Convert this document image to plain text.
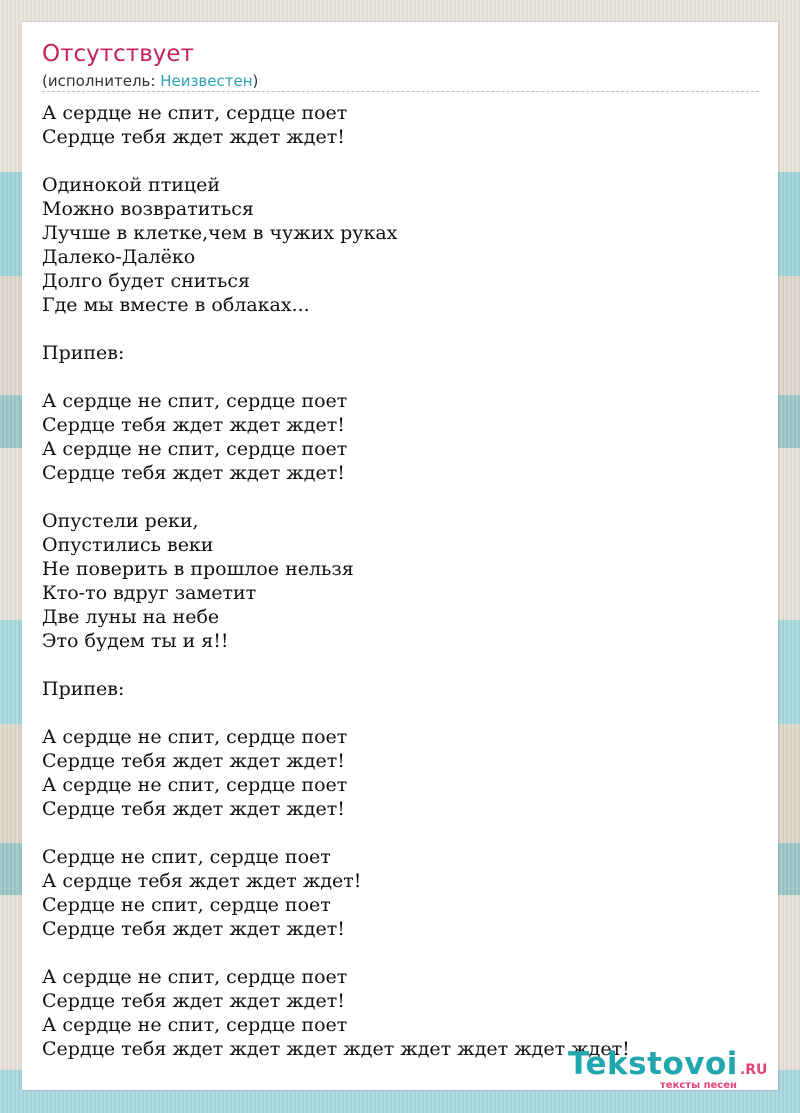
Отсутствует
(исполнитель: Неизвестен)
А сердце не спит, сердце поет
Сердце тебя ждет ждет ждет!

Одинокой птицей
Можно возвратиться
Лучше в клетке,чем в чужих руках
Далеко-Далёко
Долго будет сниться
Где мы вместе в облаках...

Припев:

А сердце не спит, сердце поет
Сердце тебя ждет ждет ждет!
А сердце не спит, сердце поет
Сердце тебя ждет ждет ждет!

Опустели реки,
Опустились веки
Не поверить в прошлое нельзя
Кто-то вдруг заметит
Две луны на небе
Это будем ты и я!!

Припев:

А сердце не спит, сердце поет
Сердце тебя ждет ждет ждет!
А сердце не спит, сердце поет
Сердце тебя ждет ждет ждет!

Сердце не спит, сердце поет
А сердце тебя ждет ждет ждет!
Сердце не спит, сердце поет
Сердце тебя ждет ждет ждет!

А сердце не спит, сердце поет
Сердце тебя ждет ждет ждет!
А сердце не спит, сердце поет
Сердце тебя ждет ждет ждет ждет ждет ждет ждет ждет!
Tekstovoi .RU
тексты песен
